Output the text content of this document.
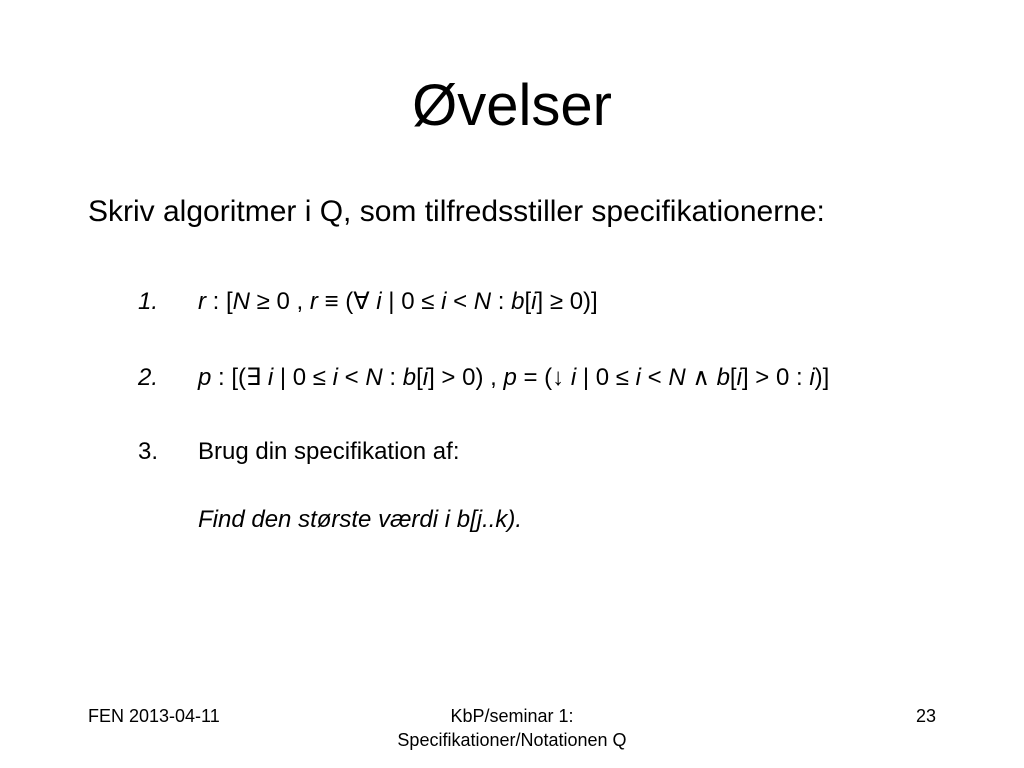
Øvelser
Skriv algoritmer i Q, som tilfredsstiller specifikationerne:
1. r : [N ≥ 0 , r ≡ (∀ i | 0 ≤ i < N : b[i] ≥ 0)]
2. p : [(∃ i | 0 ≤ i < N : b[i] > 0) , p = (↓ i | 0 ≤ i < N ∧ b[i] > 0 : i)]
3. Brug din specifikation af:
Find den største værdi i b[j..k).
FEN 2013-04-11	KbP/seminar 1:
Specifikationer/Notationen Q
23
